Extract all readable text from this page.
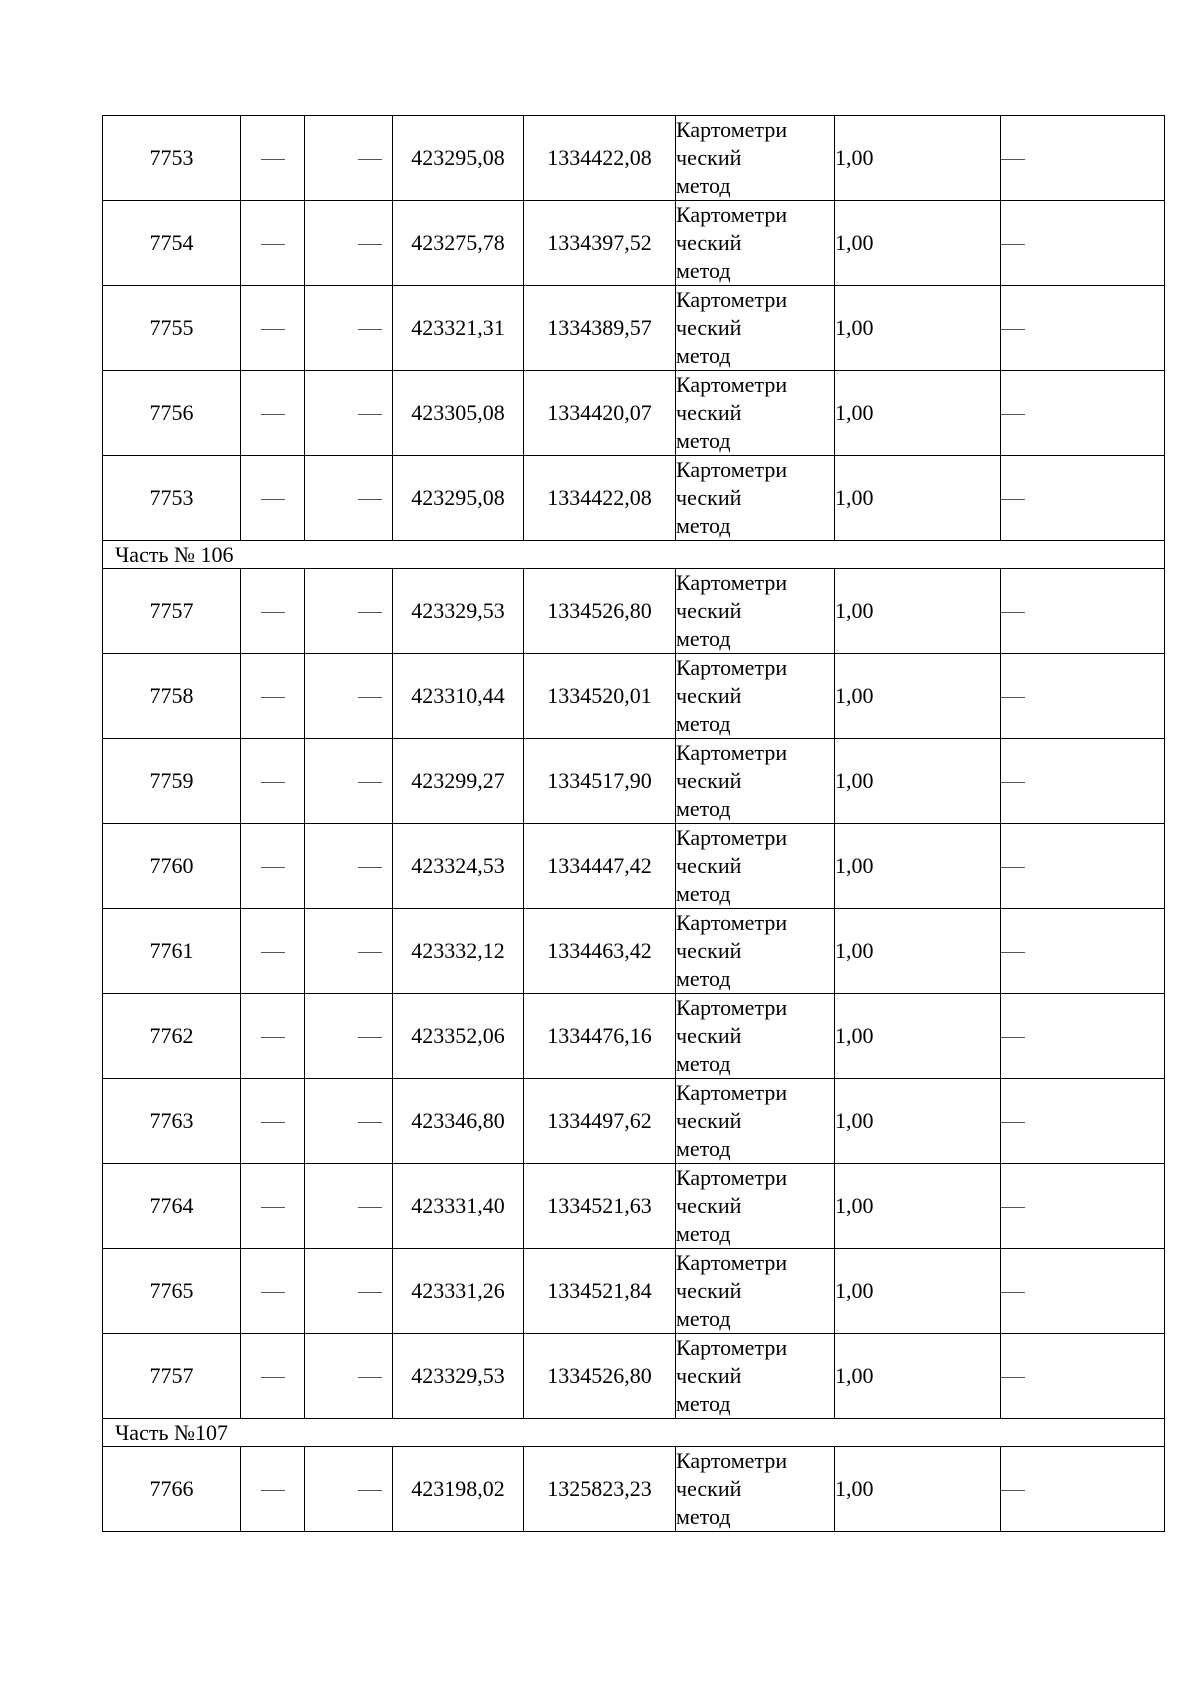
7753			423295,08	1334422,08	Картометри
ческий
метод	1,00	
7754			423275,78	1334397,52	Картометри
ческий
метод	1,00	
7755			423321,31	1334389,57	Картометри
ческий
метод	1,00	
7756			423305,08	1334420,07	Картометри
ческий
метод	1,00	
7753			423295,08	1334422,08	Картометри
ческий
метод	1,00	
Часть № 106							
7757			423329,53	1334526,80	Картометри
ческий
метод	1,00	
7758			423310,44	1334520,01	Картометри
ческий
метод	1,00	
7759			423299,27	1334517,90	Картометри
ческий
метод	1,00	
7760			423324,53	1334447,42	Картометри
ческий
метод	1,00	
7761			423332,12	1334463,42	Картометри
ческий
метод	1,00	
7762			423352,06	1334476,16	Картометри
ческий
метод	1,00	
7763			423346,80	1334497,62	Картометри
ческий
метод	1,00	
7764			423331,40	1334521,63	Картометри
ческий
метод	1,00	
7765			423331,26	1334521,84	Картометри
ческий
метод	1,00	
7757			423329,53	1334526,80	Картометри
ческий
метод	1,00	
Часть №107							
7766			423198,02	1325823,23	Картометри
ческий
метод	1,00	
